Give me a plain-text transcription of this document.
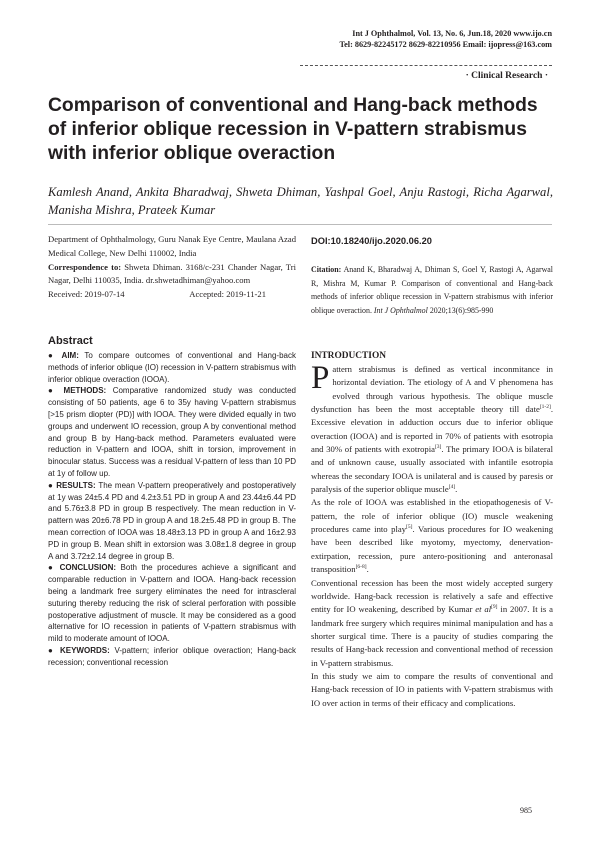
Int J Ophthalmol, Vol. 13, No. 6, Jun.18, 2020 www.ijo.cn
Tel: 8629-82245172 8629-82210956 Email: ijopress@163.com
· Clinical Research ·
Comparison of conventional and Hang-back methods of inferior oblique recession in V-pattern strabismus with inferior oblique overaction
Kamlesh Anand, Ankita Bharadwaj, Shweta Dhiman, Yashpal Goel, Anju Rastogi, Richa Agarwal, Manisha Mishra, Prateek Kumar
Department of Ophthalmology, Guru Nanak Eye Centre, Maulana Azad Medical College, New Delhi 110002, India
Correspondence to: Shweta Dhiman. 3168/c-231 Chander Nagar, Tri Nagar, Delhi 110035, India. dr.shwetadhiman@yahoo.com
Received: 2019-07-14	Accepted: 2019-11-21
Abstract

● AIM: To compare outcomes of conventional and Hang-back methods of inferior oblique (IO) recession in V-pattern strabismus with inferior oblique overaction (IOOA).

● METHODS: Comparative randomized study was conducted consisting of 50 patients, age 6 to 35y having V-pattern strabismus [>15 prism diopter (PD)] with IOOA. They were divided equally in two groups and underwent IO recession, group A by conventional method and group B by Hang-back method. Parameters evaluated were reduction in V-pattern and IOOA, shift in torsion, improvement in binocular status. Success was a residual V-pattern of less than 10 PD at 1y of follow up.

● RESULTS: The mean V-pattern preoperatively and postoperatively at 1y was 24±5.4 PD and 4.2±3.51 PD in group A and 23.44±6.44 PD and 5.76±3.8 PD in group B respectively. The mean reduction in V-pattern was 20±6.78 PD in group A and 18.2±5.48 PD in group B. The mean correction of IOOA was 18.48±3.13 PD in group A and 16±2.93 PD in group B. Mean shift in extorsion was 3.08±1.8 degree in group A and 3.72±2.14 degree in group B.

● CONCLUSION: Both the procedures achieve a significant and comparable reduction in V-pattern and IOOA. Hang-back recession being a landmark free surgery eliminates the need for intrascleral suturing thereby reducing the risk of scleral perforation with possible postoperative adjustment of muscle. It may be considered as a good alternative for IO recession in patients of V-pattern strabismus with mild to moderate amount of IOOA.

● KEYWORDS: V-pattern; inferior oblique overaction; Hang-back recession; conventional recession

DOI:10.18240/ijo.2020.06.20
Citation: Anand K, Bharadwaj A, Dhiman S, Goel Y, Rastogi A, Agarwal R, Mishra M, Kumar P. Comparison of conventional and Hang-back methods of inferior oblique recession in V-pattern strabismus with inferior oblique overaction. Int J Ophthalmol 2020;13(6):985-990
INTRODUCTION

Pattern strabismus is defined as vertical inconmitance in horizontal deviation. The etiology of A and V phenomena has evolved through various hypothesis. The oblique muscle dysfunction has been the most acceptable theory till date[1-2]. Excessive elevation in adduction occurs due to inferior oblique overaction (IOOA) and is reported in 70% of patients with esotropia and 30% of patients with exotropia[3]. The primary IOOA is bilateral and of unknown cause, usually associated with infantile esotropia whereas the secondary IOOA is unilateral and is caused by paresis or paralysis of the superior oblique muscle[4].

As the role of IOOA was established in the etiopathogenesis of V-pattern, the role of inferior oblique (IO) muscle weakening procedures came into play[5]. Various procedures for IO weakening have been described like myotomy, myectomy, denervation-extirpation, recession, pure antero-positioning and anteronasal transposition[6-8].

Conventional recession has been the most widely accepted surgery worldwide. Hang-back recession is relatively a safe and effective entity for IO weakening, described by Kumar et al[9] in 2007. It is a landmark free surgery which requires minimal manipulation and has a shorter surgical time. There is a paucity of studies comparing the results of Hang-back recession and conventional method of recession in V-pattern strabismus.

In this study we aim to compare the results of conventional and Hang-back recession of IO in patients with V-pattern strabismus with IO over action in terms of their efficacy and complications.

985
